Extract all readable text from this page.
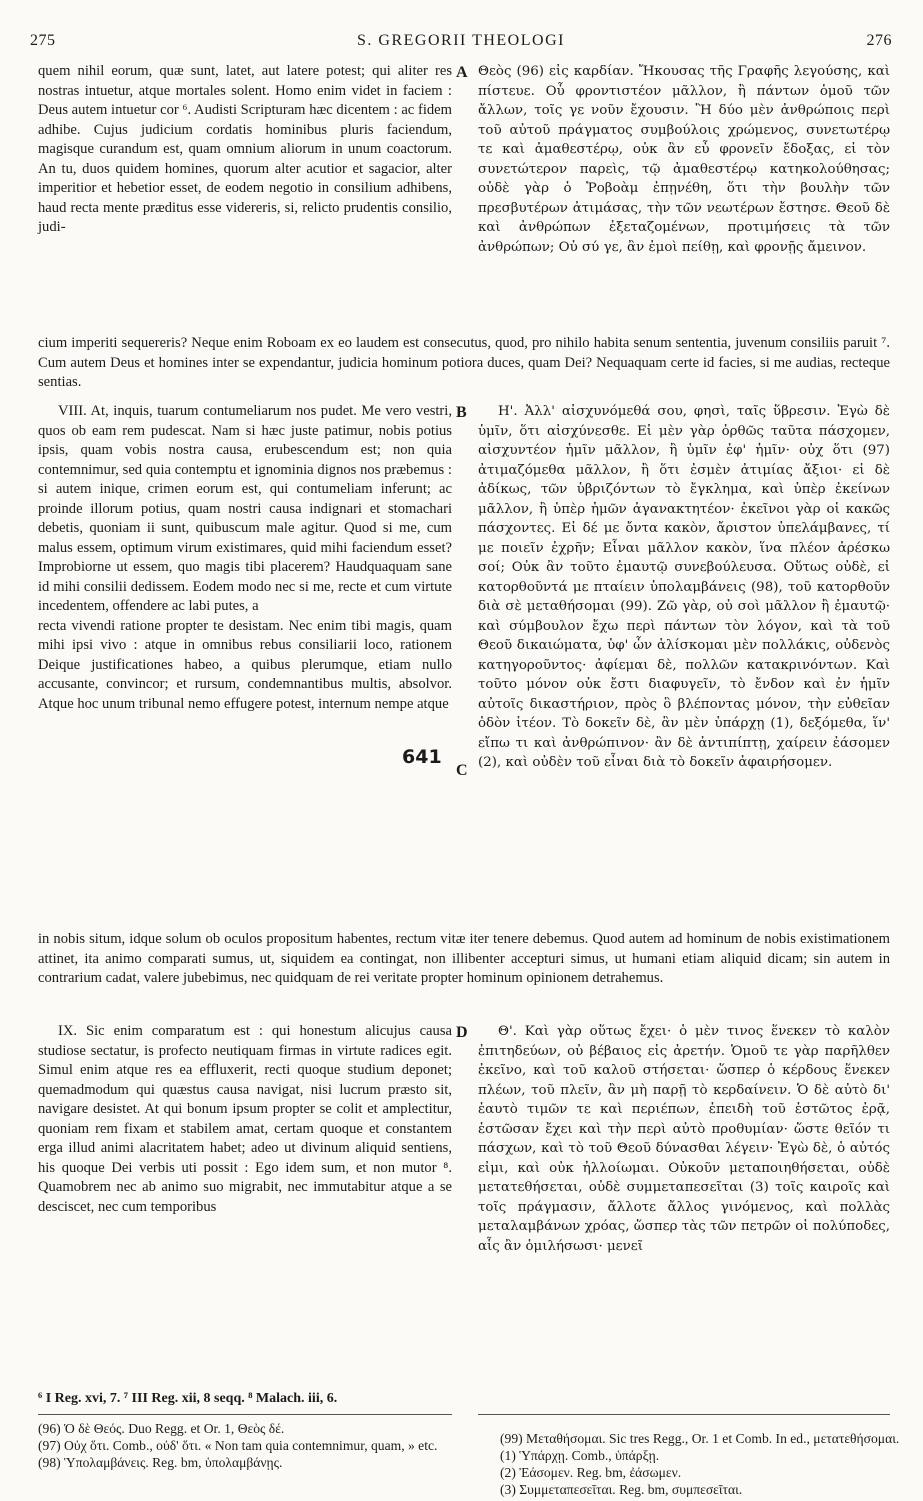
275	S. GREGORII THEOLOGI	276

quem nihil eorum, quæ sunt, latet, aut latere potest; qui aliter res nostras intuetur, atque mortales solent. Homo enim videt in faciem : Deus autem intuetur cor ⁶. Audisti Scripturam hæc dicentem : ac fidem adhibe. Cujus judicium cordatis hominibus pluris faciendum, magisque curandum est, quam omnium aliorum in unum coactorum. An tu, duos quidem homines, quorum alter acutior et sagacior, alter imperitior et hebetior esset, de eodem negotio in consilium adhibens, haud recta mente præditus esse videreris, si, relicto prudentis consilio, judi-

A Θεὸς (96) εἰς καρδίαν. Ἤκουσας τῆς Γραφῆς λεγούσης, καὶ πίστευε. Οὗ φροντιστέον μᾶλλον, ἢ πάντων ὁμοῦ τῶν ἄλλων, τοῖς γε νοῦν ἔχουσιν. Ἢ δύο μὲν ἀνθρώποις περὶ τοῦ αὐτοῦ πράγματος συμβούλοις χρώμενος, συνετωτέρῳ τε καὶ ἀμαθεστέρῳ, οὐκ ἂν εὖ φρονεῖν ἔδοξας, εἰ τὸν συνετώτερον παρεὶς, τῷ ἀμαθεστέρῳ κατηκολούθησας; οὐδὲ γὰρ ὁ Ῥοβοὰμ ἐπῃνέθη, ὅτι τὴν βουλὴν τῶν πρεσβυτέρων ἀτιμάσας, τὴν τῶν νεωτέρων ἔστησε. Θεοῦ δὲ καὶ ἀνθρώπων ἐξεταζομένων, προτιμήσεις τὰ τῶν ἀνθρώπων; Οὐ σύ γε, ἂν ἐμοὶ πείθῃ, καὶ φρονῇς ἄμεινον.

cium imperiti sequereris? Neque enim Roboam ex eo laudem est consecutus, quod, pro nihilo habita senum sententia, juvenum consiliis paruit ⁷. Cum autem Deus et homines inter se expendantur, judicia hominum potiora duces, quam Dei? Nequaquam certe id facies, si me audias, recteque sentias.

VIII. At, inquis, tuarum contumeliarum nos pudet. Me vero vestri, quos ob eam rem pudescat. Nam si hæc juste patimur, nobis potius ipsis, quam vobis nostra causa, erubescendum est; non quia contemnimur, sed quia contemptu et ignominia dignos nos præbemus : si autem inique, crimen eorum est, qui contumeliam inferunt; ac proinde illorum potius, quam nostri causa indignari et stomachari debetis, quoniam ii sunt, quibuscum male agitur. Quod si me, cum malus essem, optimum virum existimares, quid mihi faciendum esset? Improbiorne ut essem, quo magis tibi placerem? Haudquaquam sane id mihi consilii dedissem. Eodem modo nec si me, recte et cum virtute incedentem, offendere ac labi putes, a

recta vivendi ratione propter te desistam. Nec enim tibi magis, quam mihi ipsi vivo : atque in omnibus rebus consiliarii loco, rationem Deique justificationes habeo, a quibus plerumque, etiam nullo accusante, convincor; et rursum, condemnantibus multis, absolvor. Atque hoc unum tribunal nemo effugere potest, internum nempe atque

B
641
C

Η'. Ἀλλ' αἰσχυνόμεθά σου, φησὶ, ταῖς ὕβρεσιν. Ἐγὼ δὲ ὑμῖν, ὅτι αἰσχύνεσθε. Εἰ μὲν γὰρ ὀρθῶς ταῦτα πάσχομεν, αἰσχυντέον ἡμῖν μᾶλλον, ἢ ὑμῖν ἐφ' ἡμῖν· οὐχ ὅτι (97) ἀτιμαζόμεθα μᾶλλον, ἢ ὅτι ἐσμὲν ἀτιμίας ἄξιοι· εἰ δὲ ἀδίκως, τῶν ὑβριζόντων τὸ ἔγκλημα, καὶ ὑπὲρ ἐκείνων μᾶλλον, ἢ ὑπὲρ ἡμῶν ἀγανακτητέον· ἐκεῖνοι γὰρ οἱ κακῶς πάσχοντες. Εἰ δέ με ὄντα κακὸν, ἄριστον ὑπελάμβανες, τί με ποιεῖν ἐχρῆν; Εἶναι μᾶλλον κακὸν, ἵνα πλέον ἀρέσκω σοί; Οὐκ ἂν τοῦτο ἐμαυτῷ συνεβούλευσα. Οὕτως οὐδὲ, εἰ κατορθοῦντά με πταίειν ὑπολαμβάνεις (98), τοῦ κατορθοῦν διὰ σὲ μεταθήσομαι (99). Ζῶ γὰρ, οὐ σοὶ μᾶλλον ἢ ἐμαυτῷ· καὶ σύμβουλον ἔχω περὶ πάντων τὸν λόγον, καὶ τὰ τοῦ Θεοῦ δικαιώματα, ὑφ' ὧν ἁλίσκομαι μὲν πολλάκις, οὐδενὸς κατηγοροῦντος· ἀφίεμαι δὲ, πολλῶν κατακρινόντων. Καὶ τοῦτο μόνον οὐκ ἔστι διαφυγεῖν, τὸ ἔνδον καὶ ἐν ἡμῖν αὐτοῖς δικαστήριον, πρὸς ὃ βλέποντας μόνον, τὴν εὐθεῖαν ὁδὸν ἰτέον. Τὸ δοκεῖν δὲ, ἂν μὲν ὑπάρχῃ (1), δεξόμεθα, ἵν' εἴπω τι καὶ ἀνθρώπινον· ἂν δὲ ἀντιπίπτῃ, χαίρειν ἐάσομεν (2), καὶ οὐδὲν τοῦ εἶναι διὰ τὸ δοκεῖν ἀφαιρήσομεν.

in nobis situm, idque solum ob oculos propositum habentes, rectum vitæ iter tenere debemus. Quod autem ad hominum de nobis existimationem attinet, ita animo comparati sumus, ut, siquidem ea contingat, non illibenter accepturi simus, ut humani etiam aliquid dicam; sin autem in contrarium cadat, valere jubebimus, nec quidquam de rei veritate propter hominum opinionem detrahemus.

IX. Sic enim comparatum est : qui honestum alicujus causa studiose sectatur, is profecto neutiquam firmas in virtute radices egit. Simul enim atque res ea effluxerit, recti quoque studium deponet; quemadmodum qui quæstus causa navigat, nisi lucrum præsto sit, navigare desistet. At qui bonum ipsum propter se colit et amplectitur, quoniam rem fixam et stabilem amat, certam quoque et constantem erga illud animi alacritatem habet; adeo ut divinum aliquid sentiens, his quoque Dei verbis uti possit : Ego idem sum, et non mutor ⁸. Quamobrem nec ab animo suo migrabit, nec immutabitur atque a se desciscet, nec cum temporibus

D	Θ'. Καὶ γὰρ οὕτως ἔχει· ὁ μὲν τινος ἕνεκεν τὸ καλὸν ἐπιτηδεύων, οὐ βέβαιος εἰς ἀρετήν. Ὁμοῦ τε γὰρ παρῆλθεν ἐκεῖνο, καὶ τοῦ καλοῦ στήσεται· ὥσπερ ὁ κέρδους ἕνεκεν πλέων, τοῦ πλεῖν, ἂν μὴ παρῇ τὸ κερδαίνειν. Ὁ δὲ αὐτὸ δι' ἑαυτὸ τιμῶν τε καὶ περιέπων, ἐπειδὴ τοῦ ἑστῶτος ἐρᾷ, ἑστῶσαν ἔχει καὶ τὴν περὶ αὐτὸ προθυμίαν· ὥστε θεῖόν τι πάσχων, καὶ τὸ τοῦ Θεοῦ δύνασθαι λέγειν· Ἐγὼ δὲ, ὁ αὐτός εἰμι, καὶ οὐκ ἠλλοίωμαι. Οὐκοῦν μεταποιηθήσεται, οὐδὲ μετατεθήσεται, οὐδὲ συμμεταπεσεῖται (3) τοῖς καιροῖς καὶ τοῖς πράγμασιν, ἄλλοτε ἄλλος γινόμενος, καὶ πολλὰς μεταλαμβάνων χρόας, ὥσπερ τὰς τῶν πετρῶν οἱ πολύποδες, αἷς ἂν ὁμιλήσωσι· μενεῖ

⁶ I Reg. xvi, 7. ⁷ III Reg. xii, 8 seqq. ⁸ Malach. iii, 6.

(96) Ὁ δὲ Θεός. Duo Regg. et Or. 1, Θεὸς δέ.

(97) Οὐχ ὅτι. Comb., οὐδ' ὅτι. « Non tam quia contemnimur, quam, » etc.

(98) Ὑπολαμβάνεις. Reg. bm, ὑπολαμβάνῃς.

(99) Μεταθήσομαι. Sic tres Regg., Or. 1 et Comb. In ed., μετατεθήσομαι.

(1) Ὑπάρχῃ. Comb., ὑπάρξῃ.

(2) Ἐάσομεν. Reg. bm, ἐάσωμεν.

(3) Συμμεταπεσεῖται. Reg. bm, συμπεσεῖται.
